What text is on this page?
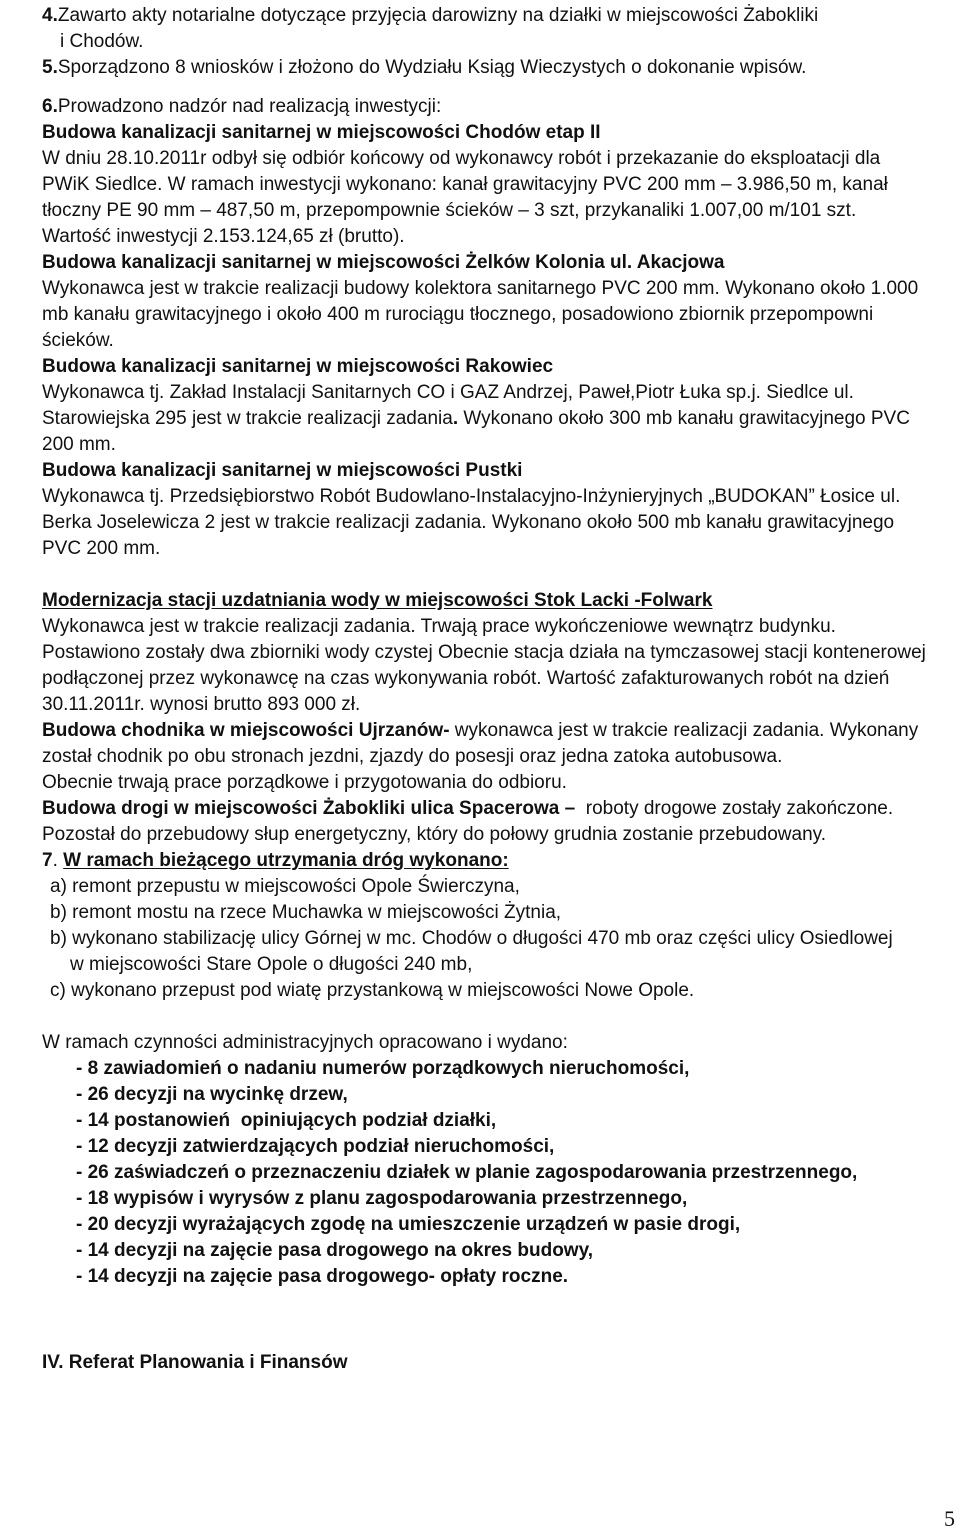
4.Zawarto akty notarialne dotyczące przyjęcia darowizny na działki w miejscowości Żabokliki
i Chodów.
5.Sporządzono 8 wniosków i złożono do Wydziału Ksiąg Wieczystych o dokonanie wpisów.
6.Prowadzono nadzór nad realizacją inwestycji:
Budowa kanalizacji sanitarnej w miejscowości Chodów etap II
W dniu 28.10.2011r odbył się odbiór końcowy od wykonawcy robót i przekazanie do eksploatacji dla
PWiK Siedlce. W ramach inwestycji wykonano: kanał grawitacyjny PVC 200 mm – 3.986,50 m, kanał
tłoczny PE 90 mm – 487,50 m, przepompownie ścieków – 3 szt, przykanaliki 1.007,00 m/101 szt.
Wartość inwestycji 2.153.124,65 zł (brutto).
Budowa kanalizacji sanitarnej w miejscowości Żelków Kolonia ul. Akacjowa
Wykonawca jest w trakcie realizacji budowy kolektora sanitarnego PVC 200 mm. Wykonano około 1.000
mb kanału grawitacyjnego i około 400 m rurociągu tłocznego, posadowiono zbiornik przepompowni
ścieków.
Budowa kanalizacji sanitarnej w miejscowości Rakowiec
Wykonawca tj. Zakład Instalacji Sanitarnych CO i GAZ Andrzej, Paweł,Piotr Łuka sp.j. Siedlce ul.
Starowiejska 295 jest w trakcie realizacji zadania. Wykonano około 300 mb kanału grawitacyjnego PVC
200 mm.
Budowa kanalizacji sanitarnej w miejscowości Pustki
Wykonawca tj. Przedsiębiorstwo Robót Budowlano-Instalacyjno-Inżynieryjnych „BUDOKAN” Łosice ul.
Berka Joselewicza 2 jest w trakcie realizacji zadania. Wykonano około 500 mb kanału grawitacyjnego
PVC 200 mm.
Modernizacja stacji uzdatniania wody w miejscowości Stok Lacki -Folwark
Wykonawca jest w trakcie realizacji zadania. Trwają prace wykończeniowe wewnątrz budynku.
Postawiono zostały dwa zbiorniki wody czystej Obecnie stacja działa na tymczasowej stacji kontenerowej
podłączonej przez wykonawcę na czas wykonywania robót. Wartość zafakturowanych robót na dzień
30.11.2011r. wynosi brutto 893 000 zł.
Budowa chodnika w miejscowości Ujrzanów- wykonawca jest w trakcie realizacji zadania. Wykonany
został chodnik po obu stronach jezdni, zjazdy do posesji oraz jedna zatoka autobusowa.
Obecnie trwają prace porządkowe i przygotowania do odbioru.
Budowa drogi w miejscowości Żabokliki ulica Spacerowa –  roboty drogowe zostały zakończone.
Pozostał do przebudowy słup energetyczny, który do połowy grudnia zostanie przebudowany.
7. W ramach bieżącego utrzymania dróg wykonano:
a) remont przepustu w miejscowości Opole Świerczyna,
b) remont mostu na rzece Muchawka w miejscowości Żytnia,
b) wykonano stabilizację ulicy Górnej w mc. Chodów o długości 470 mb oraz części ulicy Osiedlowej
w miejscowości Stare Opole o długości 240 mb,
c) wykonano przepust pod wiatę przystankową w miejscowości Nowe Opole.
W ramach czynności administracyjnych opracowano i wydano:
- 8 zawiadomień o nadaniu numerów porządkowych nieruchomości,
- 26 decyzji na wycinkę drzew,
- 14 postanowień  opiniujących podział działki,
- 12 decyzji zatwierdzających podział nieruchomości,
- 26 zaświadczeń o przeznaczeniu działek w planie zagospodarowania przestrzennego,
- 18 wypisów i wyrysów z planu zagospodarowania przestrzennego,
- 20 decyzji wyrażających zgodę na umieszczenie urządzeń w pasie drogi,
- 14 decyzji na zajęcie pasa drogowego na okres budowy,
- 14 decyzji na zajęcie pasa drogowego- opłaty roczne.
IV. Referat Planowania i Finansów
5
